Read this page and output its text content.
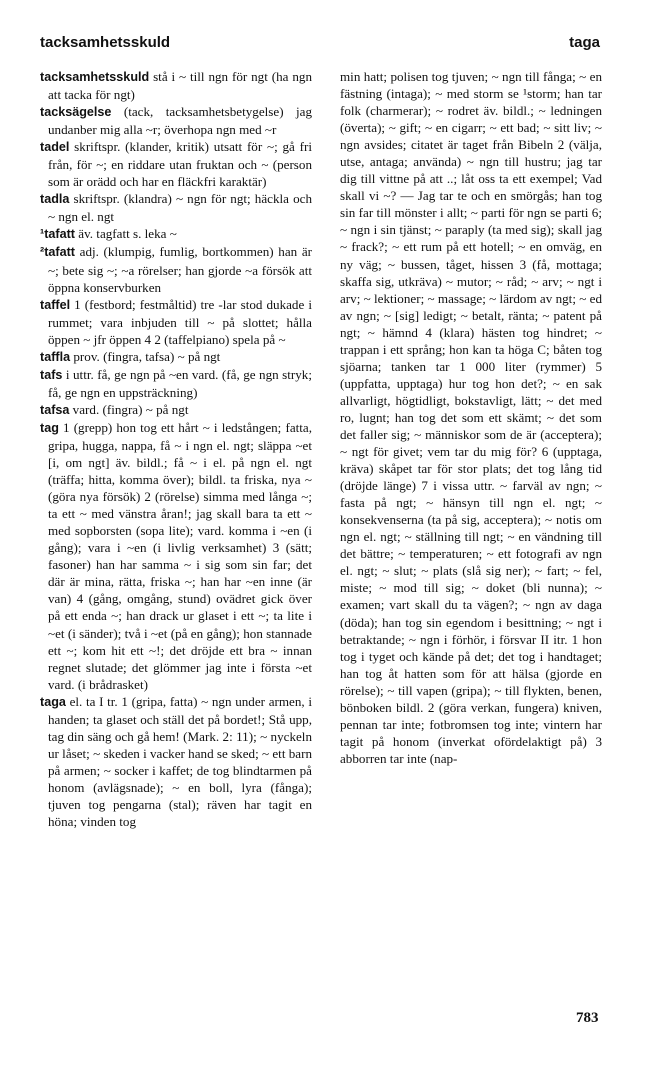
tacksamhetsskuld	taga

tacksamhetsskuld stå i ~ till ngn för ngt (ha ngn att tacka för ngt)

tacksägelse (tack, tacksamhetsbetygelse) jag undanber mig alla ~r; överhopa ngn med ~r

tadel skriftspr. (klander, kritik) utsatt för ~; gå fri från, för ~; en riddare utan fruktan och ~ (person som är orädd och har en fläckfri karaktär)

tadla skriftspr. (klandra) ~ ngn för ngt; häckla och ~ ngn el. ngt

¹tafatt äv. tagfatt s. leka ~

²tafatt adj. (klumpig, fumlig, bortkommen) han är ~; bete sig ~; ~a rörelser; han gjorde ~a försök att öppna konservburken

taffel 1 (festbord; festmåltid) tre -lar stod dukade i rummet; vara inbjuden till ~ på slottet; hålla öppen ~ jfr öppen 4 2 (taffelpiano) spela på ~

taffla prov. (fingra, tafsa) ~ på ngt

tafs i uttr. få, ge ngn på ~en vard. (få, ge ngn stryk; få, ge ngn en uppsträckning)

tafsa vard. (fingra) ~ på ngt

tag 1 (grepp) hon tog ett hårt ~ i ledstången; fatta, gripa, hugga, nappa, få ~ i ngn el. ngt; släppa ~et [i, om ngt] äv. bildl.; få ~ i el. på ngn el. ngt (träffa; hitta, komma över); bildl. ta friska, nya ~ (göra nya försök) 2 (rörelse) simma med långa ~; ta ett ~ med vänstra åran!; jag skall bara ta ett ~ med sopborsten (sopa lite); vard. komma i ~en (i gång); vara i ~en (i livlig verksamhet) 3 (sätt; fasoner) han har samma ~ i sig som sin far; det där är mina, rätta, friska ~; han har ~en inne (är van) 4 (gång, omgång, stund) ovädret gick över på ett enda ~; han drack ur glaset i ett ~; ta lite i ~et (i sänder); två i ~et (på en gång); hon stannade ett ~; kom hit ett ~!; det dröjde ett bra ~ innan regnet slutade; det glömmer jag inte i första ~et vard. (i brådrasket)

taga el. ta I tr. 1 (gripa, fatta) ~ ngn under armen, i handen; ta glaset och ställ det på bordet!; Stå upp, tag din säng och gå hem! (Mark. 2: 11); ~ nyckeln ur låset; ~ skeden i vacker hand se sked; ~ ett barn på armen; ~ socker i kaffet; de tog blindtarmen på honom (avlägsnade); ~ en boll, lyra (fånga); tjuven tog pengarna (stal); räven har tagit en höna; vinden tog

min hatt; polisen tog tjuven; ~ ngn till fånga; ~ en fästning (intaga); ~ med storm se ¹storm; han tar folk (charmerar); ~ rodret äv. bildl.; ~ ledningen (överta); ~ gift; ~ en cigarr; ~ ett bad; ~ sitt liv; ~ ngn avsides; citatet är taget från Bibeln 2 (välja, utse, antaga; använda) ~ ngn till hustru; jag tar dig till vittne på att ..; låt oss ta ett exempel; Vad skall vi ~? — Jag tar te och en smörgås; han tog sin far till mönster i allt; ~ parti för ngn se parti 6; ~ ngn i sin tjänst; ~ paraply (ta med sig); skall jag ~ frack?; ~ ett rum på ett hotell; ~ en omväg, en ny väg; ~ bussen, tåget, hissen 3 (få, mottaga; skaffa sig, utkräva) ~ mutor; ~ råd; ~ arv; ~ ngt i arv; ~ lektioner; ~ massage; ~ lärdom av ngt; ~ ed av ngn; ~ [sig] ledigt; ~ betalt, ränta; ~ patent på ngt; ~ hämnd 4 (klara) hästen tog hindret; ~ trappan i ett språng; hon kan ta höga C; båten tog sjöarna; tanken tar 1 000 liter (rymmer) 5 (uppfatta, upptaga) hur tog hon det?; ~ en sak allvarligt, högtidligt, bokstavligt, lätt; ~ det med ro, lugnt; han tog det som ett skämt; ~ det som det faller sig; ~ människor som de är (acceptera); ~ ngt för givet; vem tar du mig för? 6 (upptaga, kräva) skåpet tar för stor plats; det tog lång tid (dröjde länge) 7 i vissa uttr. ~ farväl av ngn; ~ fasta på ngt; ~ hänsyn till ngn el. ngt; ~ konsekvenserna (ta på sig, acceptera); ~ notis om ngn el. ngt; ~ ställning till ngt; ~ en vändning till det bättre; ~ temperaturen; ~ ett fotografi av ngn el. ngt; ~ slut; ~ plats (slå sig ner); ~ fart; ~ fel, miste; ~ mod till sig; ~ doket (bli nunna); ~ examen; vart skall du ta vägen?; ~ ngn av daga (döda); han tog sin egendom i besittning; ~ ngt i betraktande; ~ ngn i förhör, i försvar II itr. 1 hon tog i tyget och kände på det; det tog i handtaget; han tog åt hatten som för att hälsa (gjorde en rörelse); ~ till vapen (gripa); ~ till flykten, benen, bönboken bildl. 2 (göra verkan, fungera) kniven, pennan tar inte; fotbromsen tog inte; vintern har tagit på honom (inverkat ofördelaktigt på) 3 abborren tar inte (nap-

783
